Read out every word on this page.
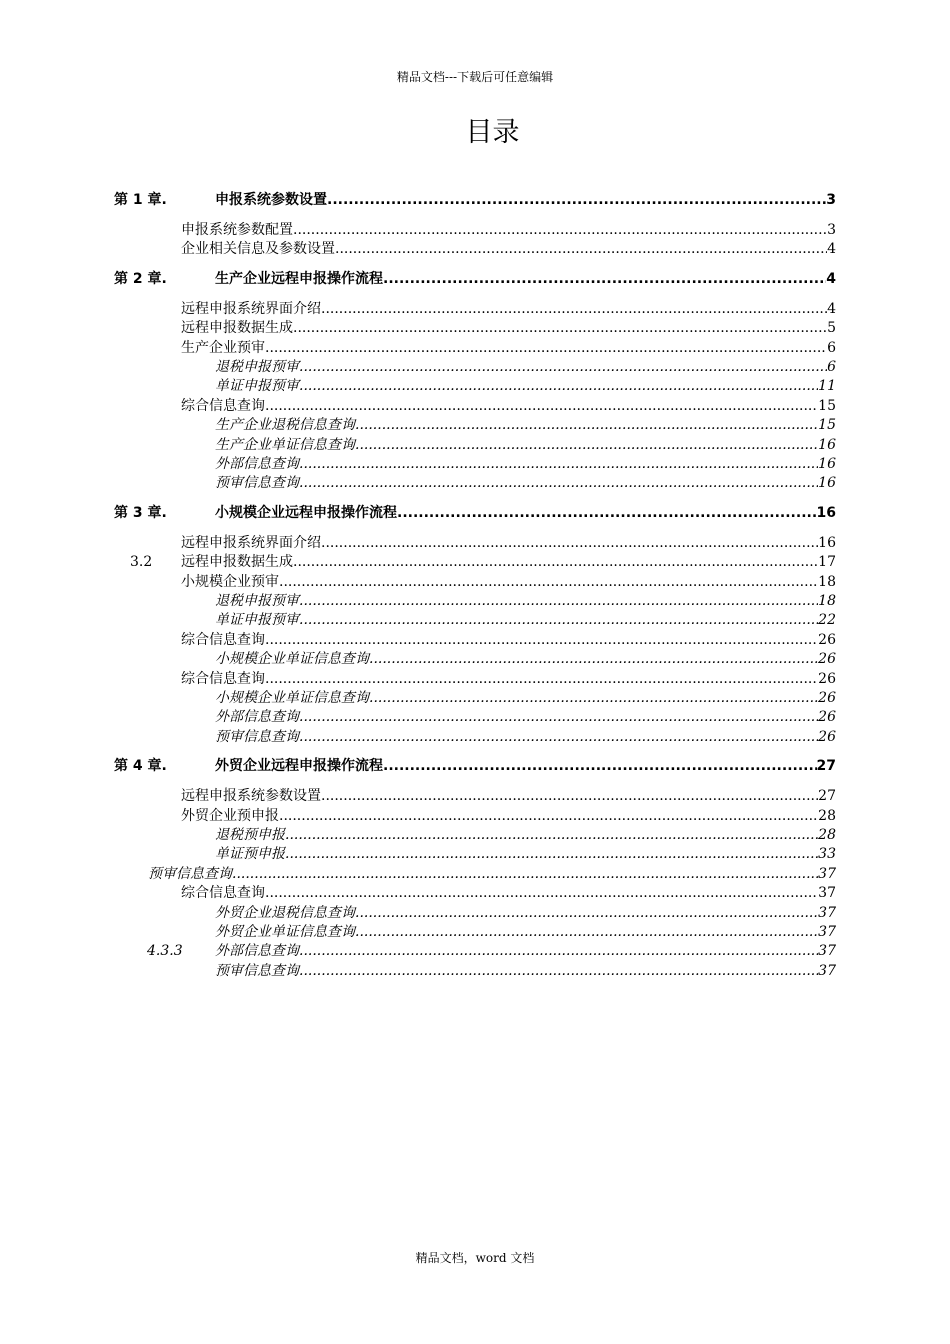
精品文档---下载后可任意编辑
目录
第 1 章.	申报系统参数设置 .....	3
申报系统参数配置 .....	3
企业相关信息及参数设置 .....	4
第 2 章.	生产企业远程申报操作流程 .....	4
远程申报系统界面介绍 .....	4
远程申报数据生成 .....	5
生产企业预审 .....	6
退税申报预审 .....	6
单证申报预审 .....	11
综合信息查询 .....	15
生产企业退税信息查询 .....	15
生产企业单证信息查询 .....	16
外部信息查询 .....	16
预审信息查询 .....	16
第 3 章.	小规模企业远程申报操作流程 .....	16
远程申报系统界面介绍 .....	16
3.2 远程申报数据生成 .....	17
小规模企业预审 .....	18
退税申报预审 .....	18
单证申报预审 .....	22
综合信息查询 .....	26
小规模企业单证信息查询 .....	26
综合信息查询 .....	26
小规模企业单证信息查询 .....	26
外部信息查询 .....	26
预审信息查询 .....	26
第 4 章.	外贸企业远程申报操作流程 .....	27
远程申报系统参数设置 .....	27
外贸企业预申报 .....	28
退税预申报 .....	28
单证预申报 .....	33
预审信息查询 .....	37
综合信息查询 .....	37
外贸企业退税信息查询 .....	37
外贸企业单证信息查询 .....	37
4.3.3 外部信息查询 .....	37
预审信息查询 .....	37
精品文档，word 文档
